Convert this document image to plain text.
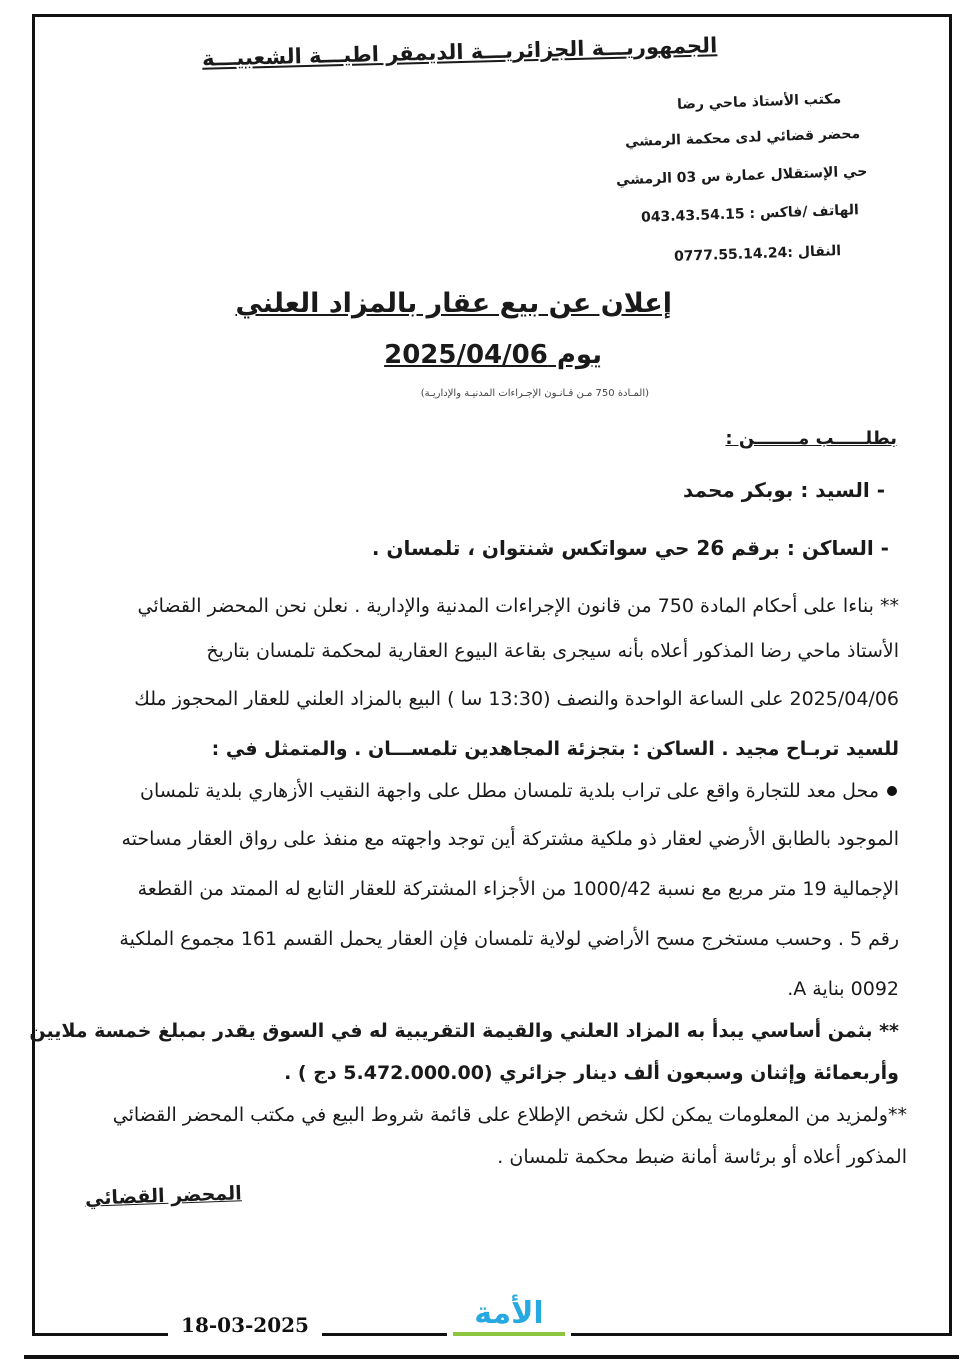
الجمهوريـــة الجزائريـــة الديمقر اطيـــة الشعبيـــة
مكتب الأستاذ ماحي رضا
محضر قضائي لدى محكمة الرمشي
حي الإستقلال عمارة س 03 الرمشي
الهاتف /فاكس : 043.43.54.15
النقال :0777.55.14.24
إعلان عن بيع عقار بالمزاد العلني
يوم 2025/04/06
(المـادة 750 مـن قـانـون الإجـراءات المدنيـة والإداريـة)
بطلـــــب مـــــــن :
- السيد : بوبكر محمد
- الساكن : برقم 26 حي سواتكس شنتوان ، تلمسان .
** بناءا على أحكام المادة 750 من قانون الإجراءات المدنية والإدارية . نعلن نحن المحضر القضائي
الأستاذ ماحي رضا المذكور أعلاه بأنه سيجرى بقاعة البيوع العقارية لمحكمة تلمسان بتاريخ
2025/04/06 على الساعة الواحدة والنصف (13:30 سا ) البيع بالمزاد العلني للعقار المحجوز ملك
للسيد تربـاح مجيد . الساكن : بتجزئة المجاهدين تلمســـان . والمتمثل في :
محل معد للتجارة واقع على تراب بلدية تلمسان مطل على واجهة النقيب الأزهاري بلدية تلمسان
الموجود بالطابق الأرضي لعقار ذو ملكية مشتركة أين توجد واجهته مع منفذ على رواق العقار مساحته
الإجمالية 19 متر مربع مع نسبة 1000/42 من الأجزاء المشتركة للعقار التابع له الممتد من القطعة
رقم 5 . وحسب مستخرج مسح الأراضي لولاية تلمسان فإن العقار يحمل القسم 161 مجموع الملكية
0092 بناية A.
** بثمن أساسي يبدأ به المزاد العلني والقيمة التقريبية له في السوق يقدر بمبلغ خمسة ملايين
وأربعمائة وإثنان وسبعون ألف دينار جزائري (5.472.000.00 دج ) .
**ولمزيد من المعلومات يمكن لكل شخص الإطلاع على قائمة شروط البيع في مكتب المحضر القضائي
المذكور أعلاه أو برئاسة أمانة ضبط محكمة تلمسان .
المحضر القضائي
18-03-2025	الأمة
